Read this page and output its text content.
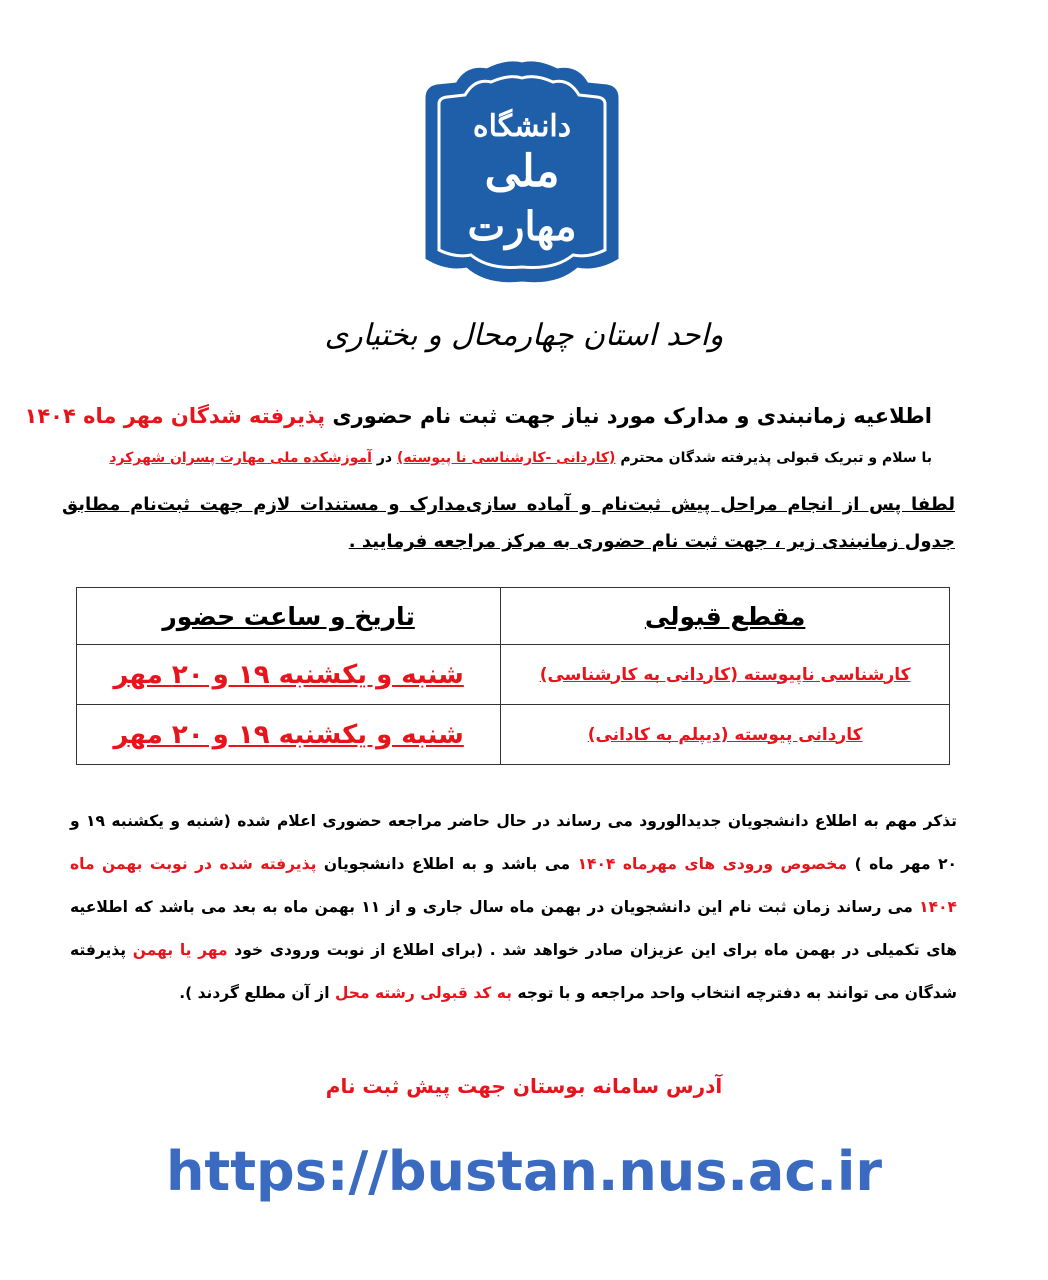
دانشگاه
ملی
مهارت
واحد استان چهارمحال و بختیاری
اطلاعیه زمانبندی و مدارک مورد نیاز جهت ثبت نام حضوری پذیرفته شدگان مهر ماه ۱۴۰۴
با سلام و تبریک قبولی پذیرفته شدگان محترم (کاردانی -کارشناسی نا پیوسته) در آموزشکده ملی مهارت پسران شهرکرد
لطفا پس از انجام مراحل پیش ثبت‌نام و آماده سازی‌مدارک و مستندات لازم جهت ثبت‌نام مطابق جدول زمانبندی زیر ، جهت ثبت نام حضوری به مرکز مراجعه فرمایید .
مقطع قبولی	تاریخ و ساعت حضور
کارشناسی ناپیوسته (کاردانی به کارشناسی)	شنبه و یکشنبه ۱۹ و ۲۰ مهر
کاردانی پیوسته (دیپلم به کادانی)	شنبه و یکشنبه ۱۹ و ۲۰ مهر
تذکر مهم به اطلاع دانشجویان جدیدالورود می رساند در حال حاضر مراجعه حضوری اعلام شده (شنبه و یکشنبه ۱۹ و ۲۰ مهر ماه ) مخصوص ورودی های مهرماه ۱۴۰۴ می باشد و به اطلاع دانشجویان پذیرفته شده در نوبت بهمن ماه ۱۴۰۴ می رساند زمان ثبت نام این دانشجویان در بهمن ماه سال جاری و از ۱۱ بهمن ماه به بعد می باشد که اطلاعیه های تکمیلی در بهمن ماه برای این عزیزان صادر خواهد شد . (برای اطلاع از نوبت ورودی خود مهر یا بهمن پذیرفته شدگان می توانند به دفترچه انتخاب واحد مراجعه و با توجه به کد قبولی رشته محل از آن مطلع گردند ).
آدرس سامانه بوستان جهت پیش ثبت نام
https://bustan.nus.ac.ir
